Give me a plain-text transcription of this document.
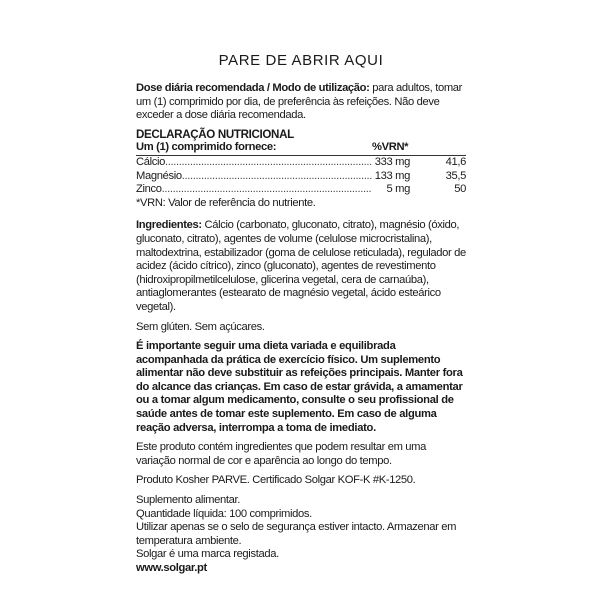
PARE DE ABRIR AQUI

Dose diária recomendada / Modo de utilização: para adultos, tomar um (1) comprimido por dia, de preferência às refeições. Não deve exceder a dose diária recomendada.

DECLARAÇÃO NUTRICIONAL
Um (1) comprimido fornece:	%VRN*
Cálcio .....	333 mg	41,6
Magnésio .....	133 mg	35,5
Zinco .....	5 mg	50

*VRN: Valor de referência do nutriente.

Ingredientes: Cálcio (carbonato, gluconato, citrato), magnésio (óxido, gluconato, citrato), agentes de volume (celulose microcristalina), maltodextrina, estabilizador (goma de celulose reticulada), regulador de acidez (ácido cítrico), zinco (gluconato), agentes de revestimento (hidroxipropilmetilcelulose, glicerina vegetal, cera de carnaúba), antiaglomerantes (estearato de magnésio vegetal, ácido esteárico vegetal).

Sem glúten. Sem açúcares.

É importante seguir uma dieta variada e equilibrada acompanhada da prática de exercício físico. Um suplemento alimentar não deve substituir as refeições principais. Manter fora do alcance das crianças. Em caso de estar grávida, a amamentar ou a tomar algum medicamento, consulte o seu profissional de saúde antes de tomar este suplemento. Em caso de alguma reação adversa, interrompa a toma de imediato.

Este produto contém ingredientes que podem resultar em uma variação normal de cor e aparência ao longo do tempo.

Produto Kosher PARVE. Certificado Solgar KOF-K #K-1250.

Suplemento alimentar.

Quantidade líquida: 100 comprimidos.

Utilizar apenas se o selo de segurança estiver intacto. Armazenar em temperatura ambiente.

Solgar é uma marca registada.

www.solgar.pt
